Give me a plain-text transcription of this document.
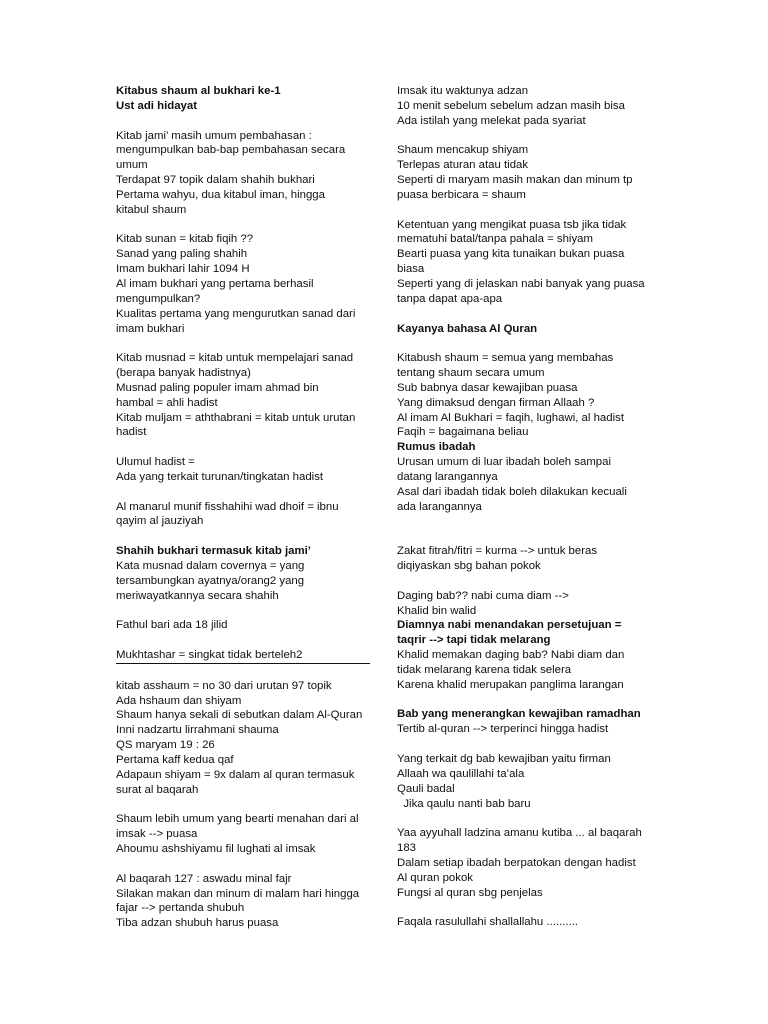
Kitabus shaum al bukhari ke-1
Ust adi hidayat
Kitab jami’ masih umum pembahasan :
mengumpulkan bab-bap pembahasan secara
umum
Terdapat 97 topik dalam shahih bukhari
Pertama wahyu, dua kitabul iman, hingga
kitabul shaum
Kitab sunan = kitab fiqih ??
Sanad yang paling shahih
Imam bukhari lahir 1094 H
Al imam bukhari yang pertama berhasil
mengumpulkan?
Kualitas pertama yang mengurutkan sanad dari
imam bukhari
Kitab musnad = kitab untuk mempelajari sanad
(berapa banyak hadistnya)
Musnad paling populer imam ahmad bin
hambal = ahli hadist
Kitab muljam = aththabrani = kitab untuk urutan
hadist
Ulumul hadist =
Ada yang terkait turunan/tingkatan hadist
Al manarul munif fisshahihi wad dhoif = ibnu
qayim al jauziyah
Shahih bukhari termasuk kitab jami’
Kata musnad dalam covernya = yang
tersambungkan ayatnya/orang2 yang
meriwayatkannya secara shahih
Fathul bari ada 18 jilid
Mukhtashar = singkat tidak berteleh2
kitab asshaum = no 30 dari urutan 97 topik
Ada hshaum dan shiyam
Shaum hanya sekali di sebutkan dalam Al-Quran
Inni nadzartu lirrahmani shauma
QS maryam 19 : 26
Pertama kaff kedua qaf
Adapaun shiyam = 9x dalam al quran termasuk
surat al baqarah
Shaum lebih umum yang bearti menahan dari al
imsak --> puasa
Ahoumu ashshiyamu fil lughati al imsak
Al baqarah 127 : aswadu minal fajr
Silakan makan dan minum di malam hari hingga
fajar --> pertanda shubuh
Tiba adzan shubuh harus puasa
Imsak itu waktunya adzan
10 menit sebelum sebelum adzan masih bisa
Ada istilah yang melekat pada syariat
Shaum mencakup shiyam
Terlepas aturan atau tidak
Seperti di maryam masih makan dan minum tp
puasa berbicara = shaum
Ketentuan yang mengikat puasa tsb jika tidak
mematuhi batal/tanpa pahala = shiyam
Bearti puasa yang kita tunaikan bukan puasa
biasa
Seperti yang di jelaskan nabi banyak yang puasa
tanpa dapat apa-apa
Kayanya bahasa Al Quran
Kitabush shaum = semua yang membahas
tentang shaum secara umum
Sub babnya dasar kewajiban puasa
Yang dimaksud dengan firman Allaah ?
Al imam Al Bukhari = faqih, lughawi, al hadist
Faqih = bagaimana beliau
Rumus ibadah
Urusan umum di luar ibadah boleh sampai
datang larangannya
Asal dari ibadah tidak boleh dilakukan kecuali
ada larangannya
Zakat fitrah/fitri = kurma --> untuk beras
diqiyaskan sbg bahan pokok
Daging bab?? nabi cuma diam -->
Khalid bin walid
Diamnya nabi menandakan persetujuan =
taqrir --> tapi tidak melarang
Khalid memakan daging bab? Nabi diam dan
tidak melarang karena tidak selera
Karena khalid merupakan panglima larangan
Bab yang menerangkan kewajiban ramadhan
Tertib al-quran --> terperinci hingga hadist
Yang terkait dg bab kewajiban yaitu firman
Allaah wa qaulillahi ta’ala
Qauli badal
Jika qaulu nanti bab baru
Yaa ayyuhall ladzina amanu kutiba ... al baqarah
183
Dalam setiap ibadah berpatokan dengan hadist
Al quran pokok
Fungsi al quran sbg penjelas
Faqala rasulullahi shallallahu ..........
